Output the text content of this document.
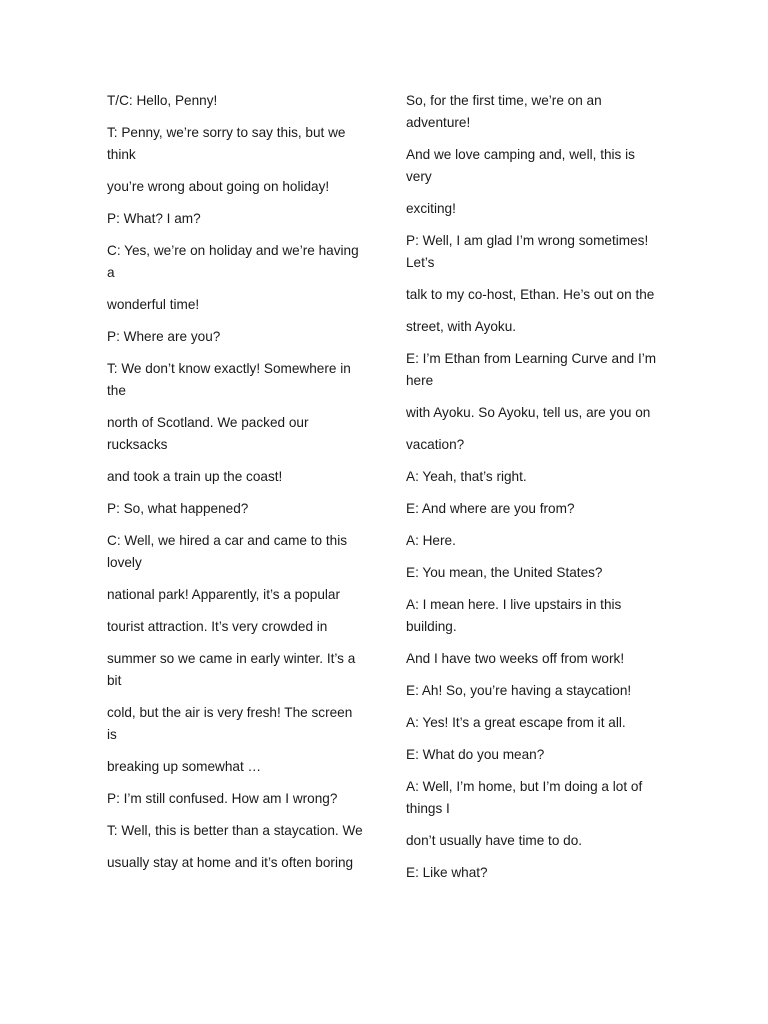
T/C: Hello, Penny!

T: Penny, we’re sorry to say this, but we think

you’re wrong about going on holiday!

P: What? I am?

C: Yes, we’re on holiday and we’re having a

wonderful time!

P: Where are you?

T: We don’t know exactly! Somewhere in the

north of Scotland. We packed our rucksacks

and took a train up the coast!

P: So, what happened?

C: Well, we hired a car and came to this lovely

national park! Apparently, it’s a popular

tourist attraction. It’s very crowded in

summer so we came in early winter. It’s a bit

cold, but the air is very fresh! The screen is

breaking up somewhat …

P: I’m still confused. How am I wrong?

T: Well, this is better than a staycation. We

usually stay at home and it’s often boring

So, for the first time, we’re on an adventure!

And we love camping and, well, this is very

exciting!

P: Well, I am glad I’m wrong sometimes! Let’s

talk to my co-host, Ethan. He’s out on the

street, with Ayoku.

E: I’m Ethan from Learning Curve and I’m here

with Ayoku. So Ayoku, tell us, are you on

vacation?

A: Yeah, that’s right.

E: And where are you from?

A: Here.

E: You mean, the United States?

A: I mean here. I live upstairs in this building.

And I have two weeks off from work!

E: Ah! So, you’re having a staycation!

A: Yes! It’s a great escape from it all.

E: What do you mean?

A: Well, I’m home, but I’m doing a lot of things I

don’t usually have time to do.

E: Like what?
